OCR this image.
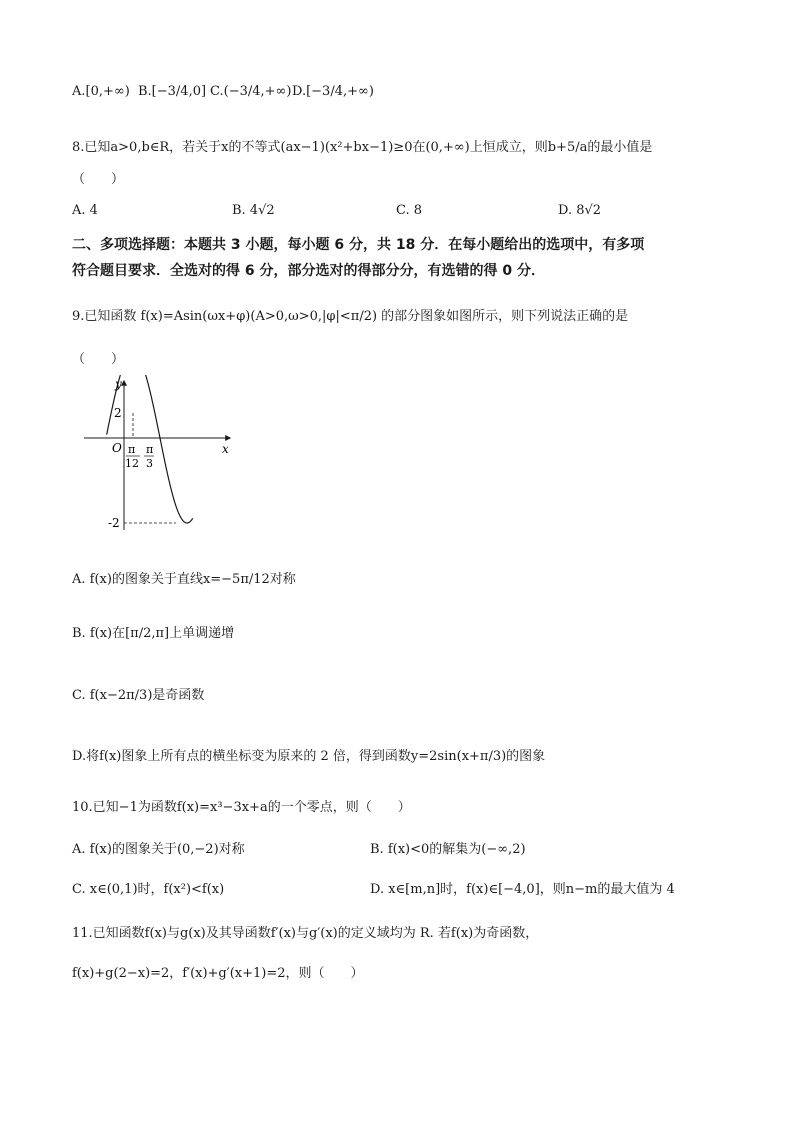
A.[0,+∞) B.[−3/4,0] C.(−3/4,+∞) D.[−3/4,+∞)
8.已知a>0,b∈R，若关于x的不等式(ax−1)(x²+bx−1)≥0在(0,+∞)上恒成立，则b+5/a的最小值是
（　　）
A. 4	B. 4√2	C. 8	D. 8√2
二、多项选择题：本题共 3 小题，每小题 6 分，共 18 分．在每小题给出的选项中，有多项
符合题目要求．全选对的得 6 分，部分选对的得部分分，有选错的得 0 分．
9.已知函数 f(x)=Asin(ωx+φ)(A>0,ω>0,|φ|<π/2) 的部分图象如图所示，则下列说法正确的是
（　　）
y
x
O
2
-2
π
12
π
3
A. f(x)的图象关于直线x=−5π/12对称
B. f(x)在[π/2,π]上单调递增
C. f(x−2π/3)是奇函数
D.将f(x)图象上所有点的横坐标变为原来的 2 倍，得到函数y=2sin(x+π/3)的图象
10.已知−1为函数f(x)=x³−3x+a的一个零点，则（　　）
A. f(x)的图象关于(0,−2)对称	B. f(x)<0的解集为(−∞,2)
C. x∈(0,1)时，f(x²)<f(x)	D. x∈[m,n]时，f(x)∈[−4,0]，则n−m的最大值为 4
11.已知函数f(x)与g(x)及其导函数f′(x)与g′(x)的定义域均为 R. 若f(x)为奇函数，
f(x)+g(2−x)=2，f′(x)+g′(x+1)=2，则（　　）
